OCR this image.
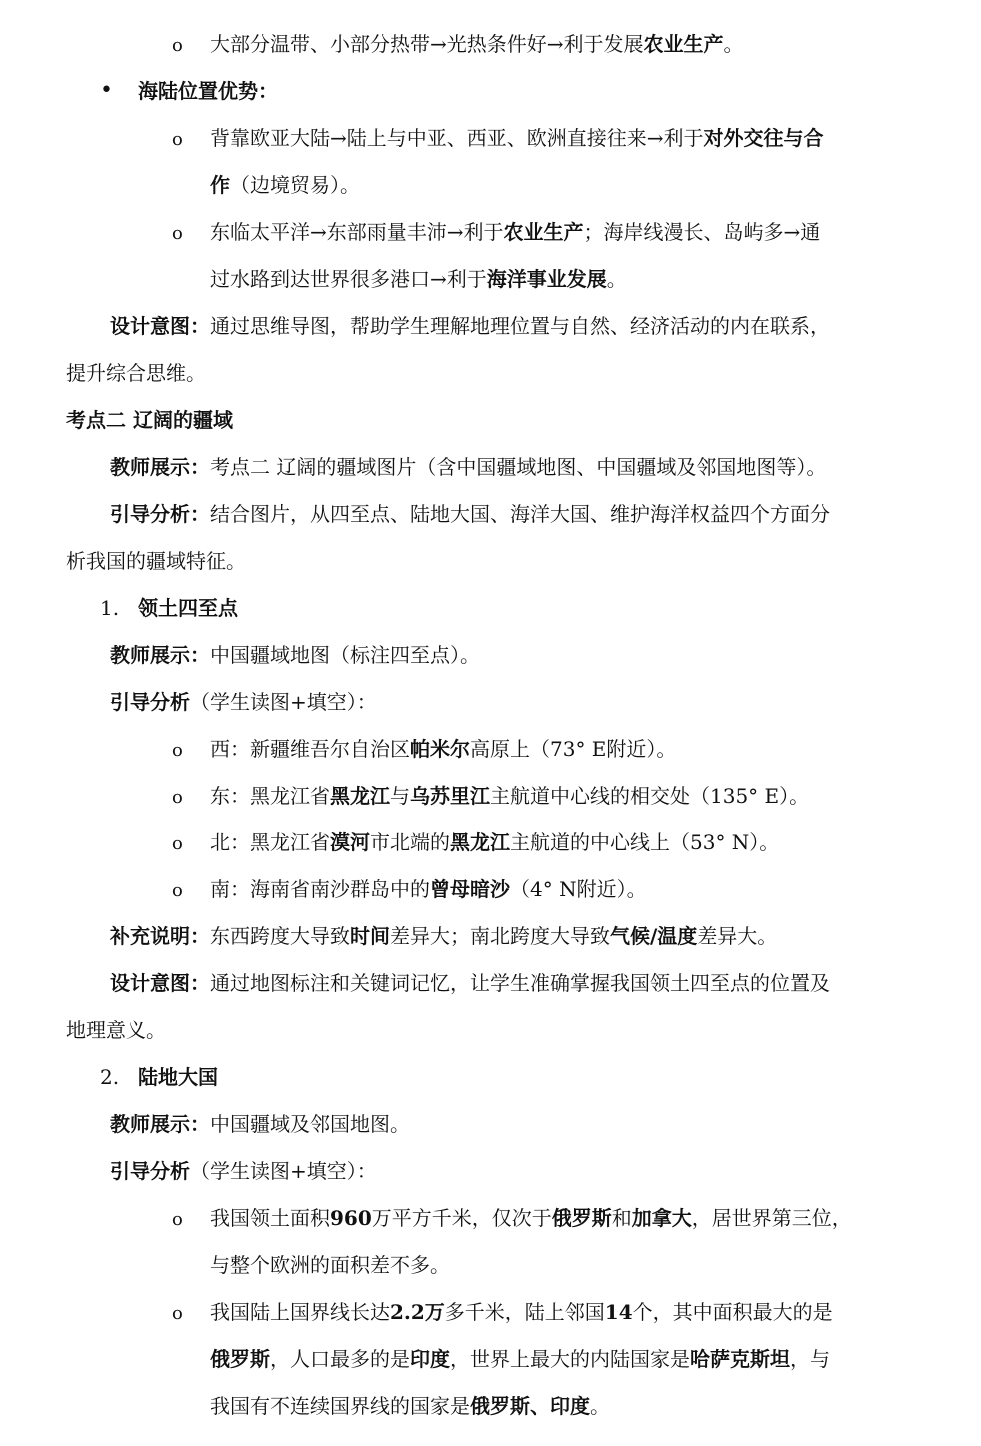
o 大部分温带、小部分热带→光热条件好→利于发展农业生产。
• 海陆位置优势：
o 背靠欧亚大陆→陆上与中亚、西亚、欧洲直接往来→利于对外交往与合
作（边境贸易）。
o 东临太平洋→东部雨量丰沛→利于农业生产；海岸线漫长、岛屿多→通
过水路到达世界很多港口→利于海洋事业发展。
设计意图：通过思维导图，帮助学生理解地理位置与自然、经济活动的内在联系，
提升综合思维。
考点二 辽阔的疆域
教师展示：考点二 辽阔的疆域图片（含中国疆域地图、中国疆域及邻国地图等）。
引导分析：结合图片，从四至点、陆地大国、海洋大国、维护海洋权益四个方面分
析我国的疆域特征。
1. 领土四至点
教师展示：中国疆域地图（标注四至点）。
引导分析（学生读图+填空）：
o 西：新疆维吾尔自治区帕米尔高原上（73° E附近）。
o 东：黑龙江省黑龙江与乌苏里江主航道中心线的相交处（135° E）。
o 北：黑龙江省漠河市北端的黑龙江主航道的中心线上（53° N）。
o 南：海南省南沙群岛中的曾母暗沙（4° N附近）。
补充说明：东西跨度大导致时间差异大；南北跨度大导致气候/温度差异大。
设计意图：通过地图标注和关键词记忆，让学生准确掌握我国领土四至点的位置及
地理意义。
2. 陆地大国
教师展示：中国疆域及邻国地图。
引导分析（学生读图+填空）：
o 我国领土面积960万平方千米，仅次于俄罗斯和加拿大，居世界第三位，
与整个欧洲的面积差不多。
o 我国陆上国界线长达2.2万多千米，陆上邻国14个，其中面积最大的是
俄罗斯，人口最多的是印度，世界上最大的内陆国家是哈萨克斯坦，与
我国有不连续国界线的国家是俄罗斯、印度。
